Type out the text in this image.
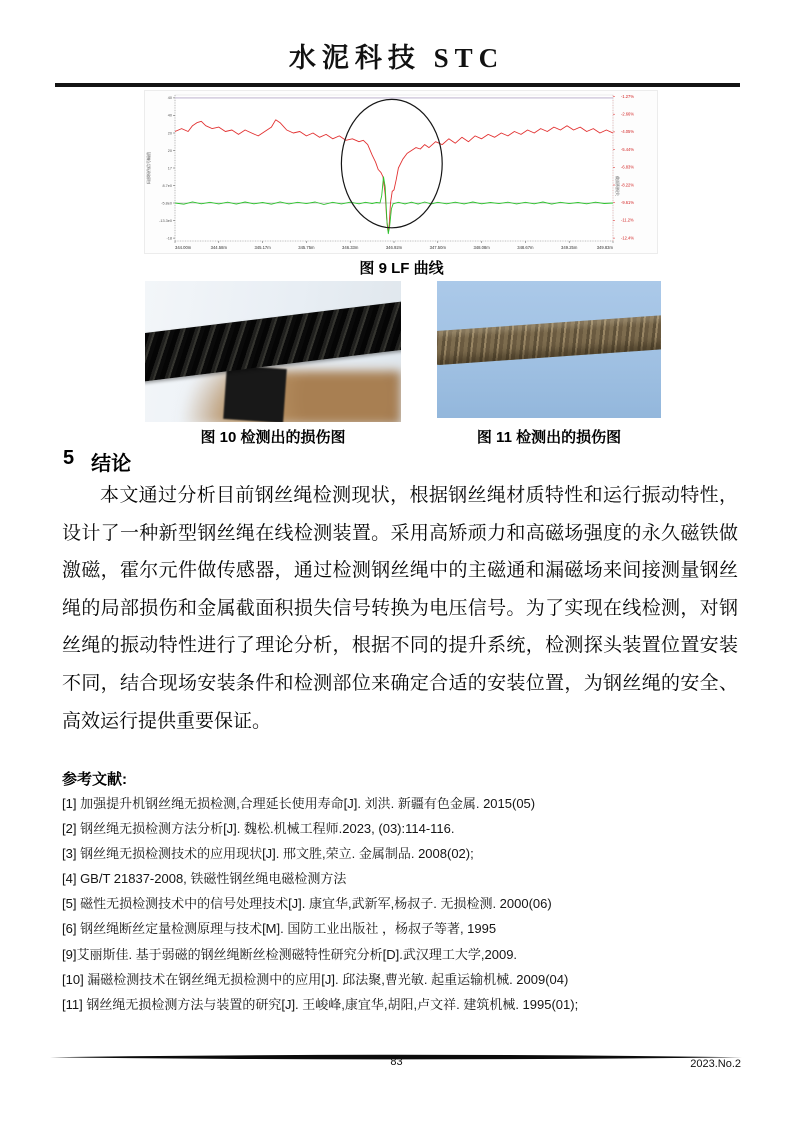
水泥科技 STC
40
40
20
20
17
8.7e0
-5.8e0
-13.3e0
-18
-1.27%
-2.66%
-4.05%
-5.44%
-6.83%
-8.22%
-9.61%
-11.2%
-12.4%
344.00m	344.58m	345.17m	345.75m	346.33m	346.92m	347.50m	348.08m	348.67m	349.25m	349.83m
局部损伤信号幅值
截面积损失
图 9 LF 曲线
图 10 检测出的损伤图	图 11 检测出的损伤图
5 结论
本文通过分析目前钢丝绳检测现状，根据钢丝绳材质特性和运行振动特性，设计了一种新型钢丝绳在线检测装置。采用高矫顽力和高磁场强度的永久磁铁做激磁，霍尔元件做传感器，通过检测钢丝绳中的主磁通和漏磁场来间接测量钢丝绳的局部损伤和金属截面积损失信号转换为电压信号。为了实现在线检测，对钢丝绳的振动特性进行了理论分析，根据不同的提升系统，检测探头装置位置安装不同，结合现场安装条件和检测部位来确定合适的安装位置，为钢丝绳的安全、高效运行提供重要保证。
参考文献:
[1] 加强提升机钢丝绳无损检测,合理延长使用寿命[J]. 刘洪. 新疆有色金属. 2015(05)
[2] 钢丝绳无损检测方法分析[J]. 魏松.机械工程师.2023, (03):114-116.
[3] 钢丝绳无损检测技术的应用现状[J]. 邢文胜,荣立. 金属制品. 2008(02);
[4] GB/T 21837-2008, 铁磁性钢丝绳电磁检测方法
[5] 磁性无损检测技术中的信号处理技术[J]. 康宜华,武新军,杨叔子. 无损检测. 2000(06)
[6] 钢丝绳断丝定量检测原理与技术[M]. 国防工业出版社 ，杨叔子等著, 1995
[9]艾丽斯佳. 基于弱磁的钢丝绳断丝检测磁特性研究分析[D].武汉理工大学,2009.
[10] 漏磁检测技术在钢丝绳无损检测中的应用[J]. 邱法聚,曹光敏. 起重运输机械. 2009(04)
[11] 钢丝绳无损检测方法与装置的研究[J]. 王峻峰,康宜华,胡阳,卢文祥. 建筑机械. 1995(01);
83	2023.No.2
